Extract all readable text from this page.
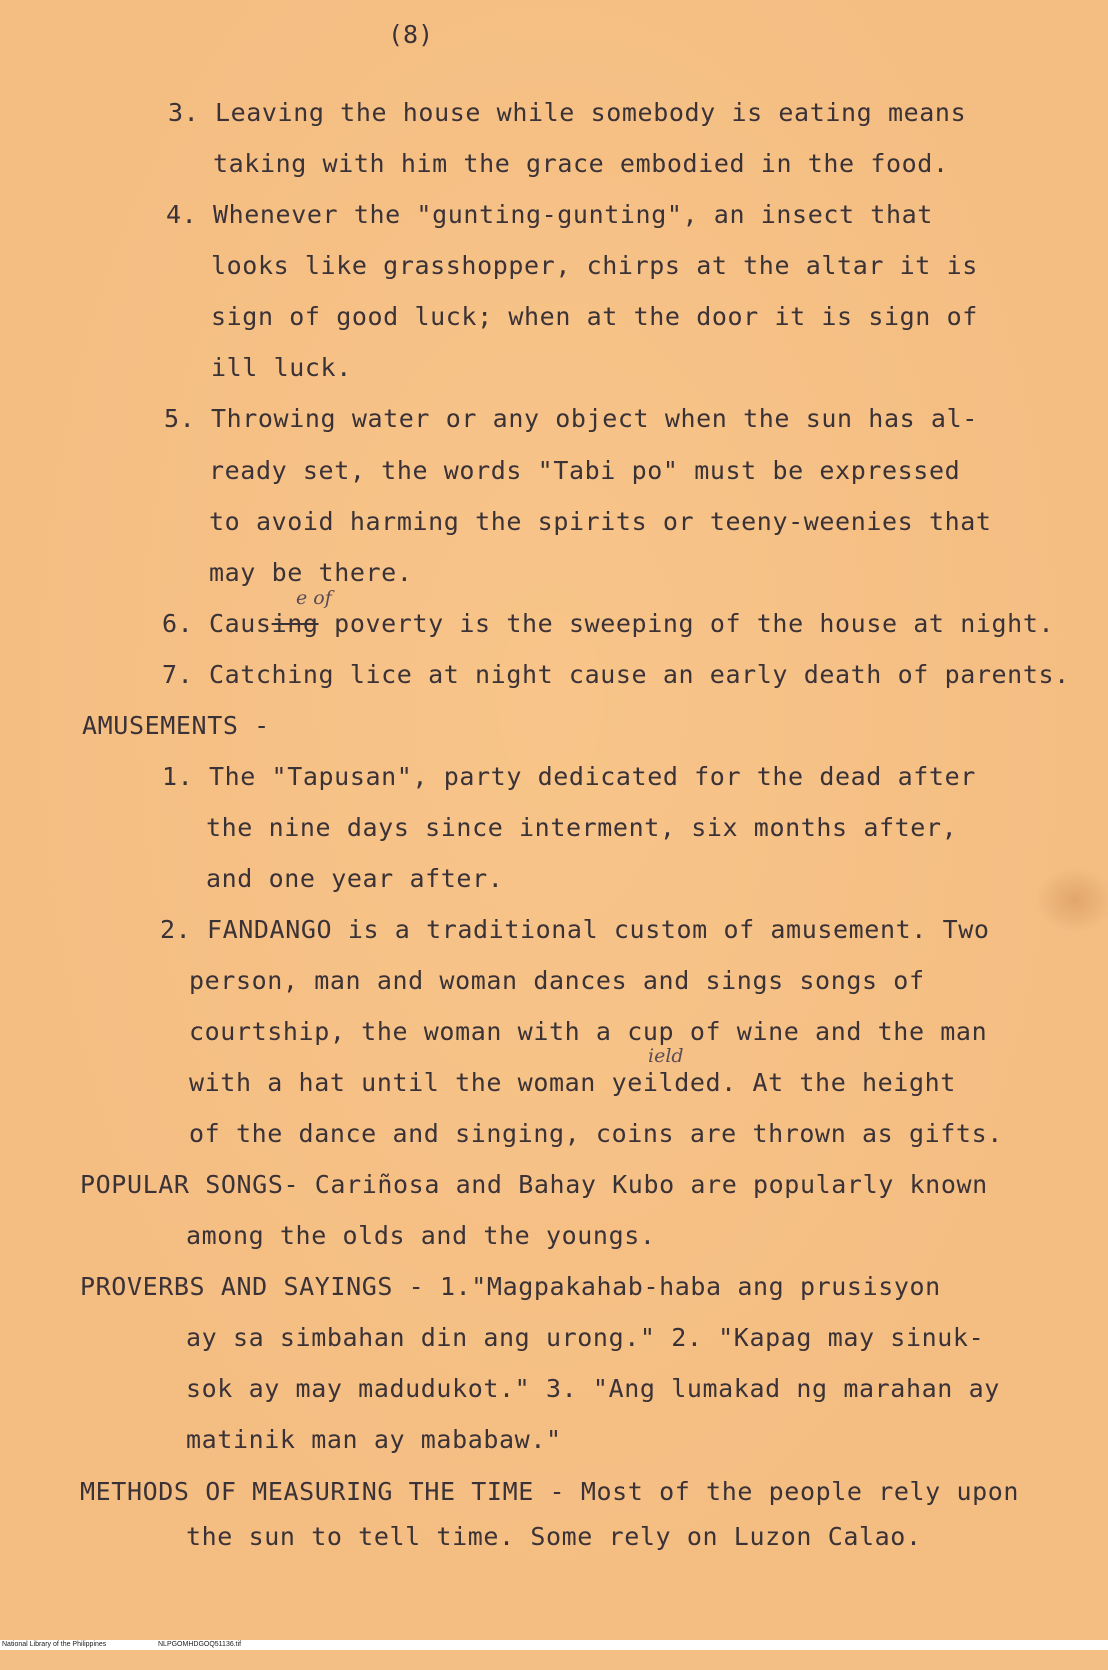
(8)
3. Leaving the house while somebody is eating means
taking with him the grace embodied in the food.
4. Whenever the "gunting-gunting", an insect that
looks like grasshopper, chirps at the altar it is
sign of good luck; when at the door it is sign of
ill luck.
5. Throwing water or any object when the sun has al-
ready set, the words "Tabi po" must be expressed
to avoid harming the spirits or teeny-weenies that
may be there.
6. Causing poverty is the sweeping of the house at night.
e of
7. Catching lice at night cause an early death of parents.
AMUSEMENTS -
1. The "Tapusan", party dedicated for the dead after
the nine days since interment, six months after,
and one year after.
2. FANDANGO is a traditional custom of amusement. Two
person, man and woman dances and sings songs of
courtship, the woman with a cup of wine and the man
with a hat until the woman yeilded. At the height
ield
of the dance and singing, coins are thrown as gifts.
POPULAR SONGS- Cariñosa and Bahay Kubo are popularly known
among the olds and the youngs.
PROVERBS AND SAYINGS - 1."Magpakahab-haba ang prusisyon
ay sa simbahan din ang urong." 2. "Kapag may sinuk-
sok ay may madudukot." 3. "Ang lumakad ng marahan ay
matinik man ay mababaw."
METHODS OF MEASURING THE TIME - Most of the people rely upon
the sun to tell time. Some rely on Luzon Calao.

National Library of the Philippines

	NLPGOMHDGOQ51136.tif
